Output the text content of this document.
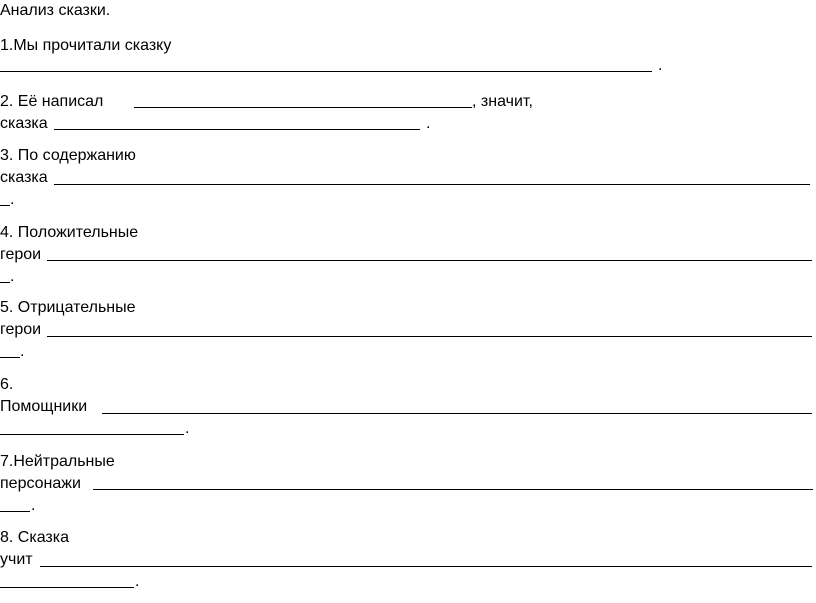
Анализ сказки.
1.Мы прочитали сказку
.
2. Её написал	, значит,
сказка	.
3. По содержанию
сказка
.
4. Положительные
герои
.
5. Отрицательные
герои
.
6.
Помощники
.
7.Нейтральные
персонажи
.
8. Сказка
учит
.
